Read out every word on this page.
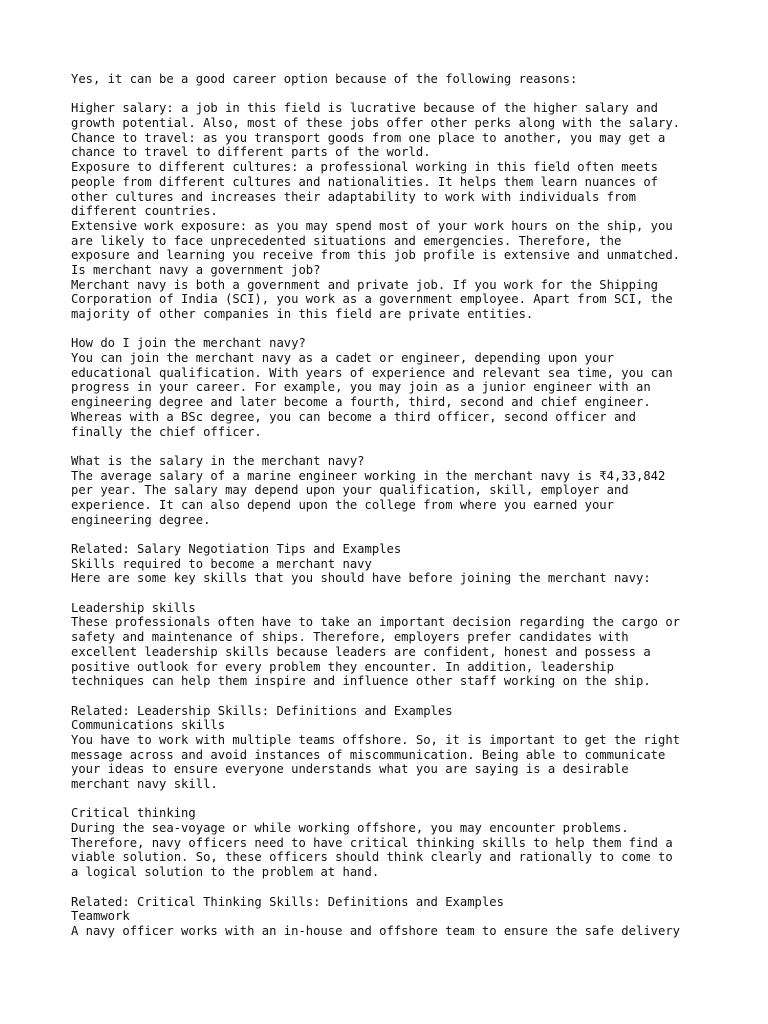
Yes, it can be a good career option because of the following reasons:
Higher salary: a job in this field is lucrative because of the higher salary and
growth potential. Also, most of these jobs offer other perks along with the salary.
Chance to travel: as you transport goods from one place to another, you may get a
chance to travel to different parts of the world.
Exposure to different cultures: a professional working in this field often meets
people from different cultures and nationalities. It helps them learn nuances of
other cultures and increases their adaptability to work with individuals from
different countries.
Extensive work exposure: as you may spend most of your work hours on the ship, you
are likely to face unprecedented situations and emergencies. Therefore, the
exposure and learning you receive from this job profile is extensive and unmatched.
Is merchant navy a government job?
Merchant navy is both a government and private job. If you work for the Shipping
Corporation of India (SCI), you work as a government employee. Apart from SCI, the
majority of other companies in this field are private entities.
How do I join the merchant navy?
You can join the merchant navy as a cadet or engineer, depending upon your
educational qualification. With years of experience and relevant sea time, you can
progress in your career. For example, you may join as a junior engineer with an
engineering degree and later become a fourth, third, second and chief engineer.
Whereas with a BSc degree, you can become a third officer, second officer and
finally the chief officer.
What is the salary in the merchant navy?
The average salary of a marine engineer working in the merchant navy is ₹4,33,842
per year. The salary may depend upon your qualification, skill, employer and
experience. It can also depend upon the college from where you earned your
engineering degree.
Related: Salary Negotiation Tips and Examples
Skills required to become a merchant navy
Here are some key skills that you should have before joining the merchant navy:
Leadership skills
These professionals often have to take an important decision regarding the cargo or
safety and maintenance of ships. Therefore, employers prefer candidates with
excellent leadership skills because leaders are confident, honest and possess a
positive outlook for every problem they encounter. In addition, leadership
techniques can help them inspire and influence other staff working on the ship.
Related: Leadership Skills: Definitions and Examples
Communications skills
You have to work with multiple teams offshore. So, it is important to get the right
message across and avoid instances of miscommunication. Being able to communicate
your ideas to ensure everyone understands what you are saying is a desirable
merchant navy skill.
Critical thinking
During the sea-voyage or while working offshore, you may encounter problems.
Therefore, navy officers need to have critical thinking skills to help them find a
viable solution. So, these officers should think clearly and rationally to come to
a logical solution to the problem at hand.
Related: Critical Thinking Skills: Definitions and Examples
Teamwork
A navy officer works with an in-house and offshore team to ensure the safe delivery
